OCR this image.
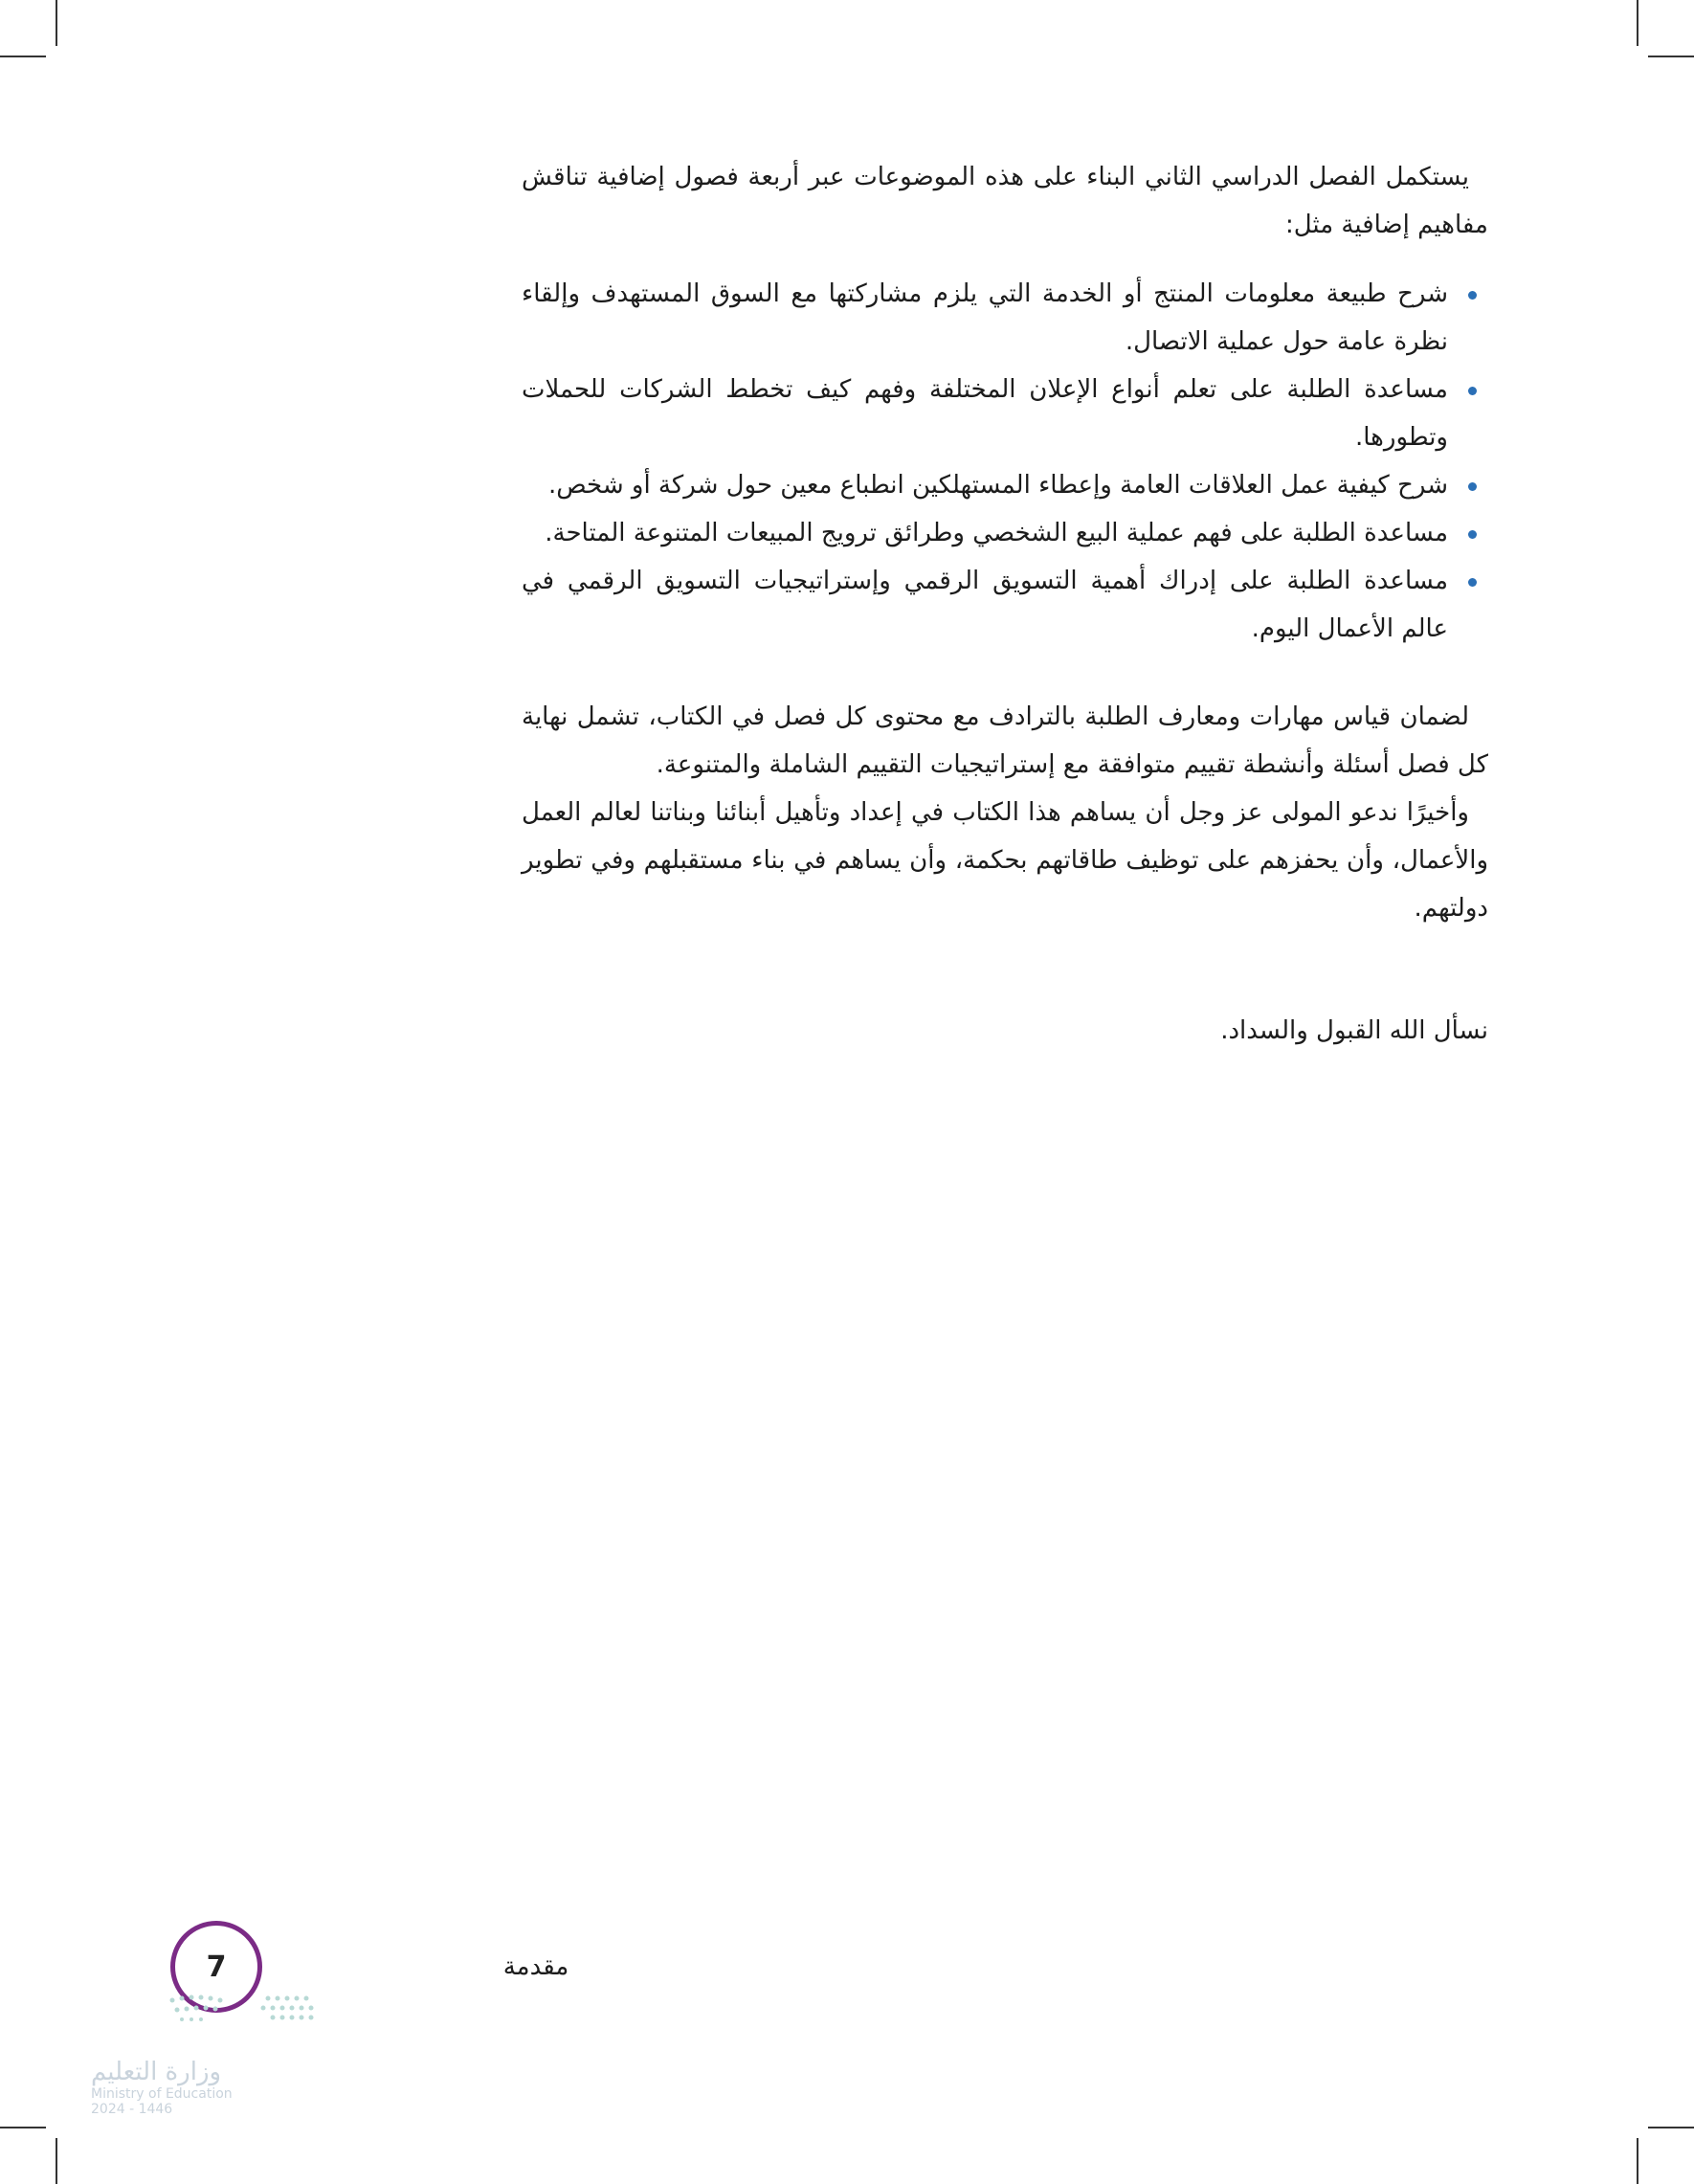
يستكمل الفصل الدراسي الثاني البناء على هذه الموضوعات عبر أربعة فصول إضافية تناقش مفاهيم إضافية مثل:

شرح طبيعة معلومات المنتج أو الخدمة التي يلزم مشاركتها مع السوق المستهدف وإلقاء نظرة عامة حول عملية الاتصال.
مساعدة الطلبة على تعلم أنواع الإعلان المختلفة وفهم كيف تخطط الشركات للحملات وتطورها.
شرح كيفية عمل العلاقات العامة وإعطاء المستهلكين انطباع معين حول شركة أو شخص.
مساعدة الطلبة على فهم عملية البيع الشخصي وطرائق ترويج المبيعات المتنوعة المتاحة.
مساعدة الطلبة على إدراك أهمية التسويق الرقمي وإستراتيجيات التسويق الرقمي في عالم الأعمال اليوم.

لضمان قياس مهارات ومعارف الطلبة بالترادف مع محتوى كل فصل في الكتاب، تشمل نهاية كل فصل أسئلة وأنشطة تقييم متوافقة مع إستراتيجيات التقييم الشاملة والمتنوعة.

وأخيرًا ندعو المولى عز وجل أن يساهم هذا الكتاب في إعداد وتأهيل أبنائنا وبناتنا لعالم العمل والأعمال، وأن يحفزهم على توظيف طاقاتهم بحكمة، وأن يساهم في بناء مستقبلهم وفي تطوير دولتهم.

نسأل الله القبول والسداد.

مقدمة
7
وزارة التعليم
Ministry of Education
2024 - 1446
